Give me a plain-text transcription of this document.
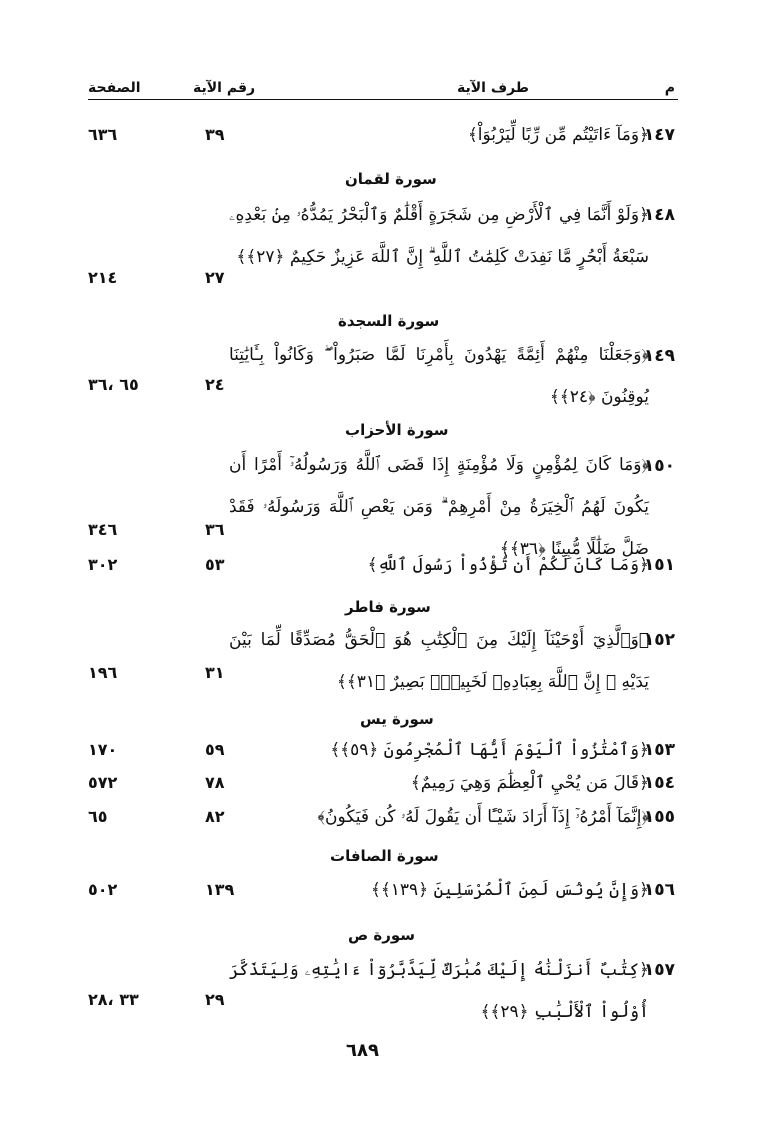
م
طرف الآية
رقم الآية
الصفحة
١٤٧
﴿وَمَآ ءَاتَيْتُم مِّن رِّبًا لِّيَرْبُوَاْ﴾
٣٩
٦٣٦
سورة لقمان
١٤٨
﴿وَلَوْ أَنَّمَا فِي ٱلْأَرْضِ مِن شَجَرَةٍ أَقْلَٰمٌ وَٱلْبَحْرُ يَمُدُّهُۥ مِنۢ بَعْدِهِۦ سَبْعَةُ أَبْحُرٍ مَّا نَفِدَتْ كَلِمَٰتُ ٱللَّهِ ۗ إِنَّ ٱللَّهَ عَزِيزٌ حَكِيمٌ ﴿٢٧﴾﴾
٢٧
٢١٤
سورة السجدة
١٤٩
﴿وَجَعَلْنَا مِنْهُمْ أَئِمَّةً يَهْدُونَ بِأَمْرِنَا لَمَّا صَبَرُواْ ۖ وَكَانُواْ بِـَٔايَٰتِنَا يُوقِنُونَ ﴿٢٤﴾﴾
٢٤
٦٥ ،٣٦
سورة الأحزاب
١٥٠
﴿وَمَا كَانَ لِمُؤْمِنٍ وَلَا مُؤْمِنَةٍ إِذَا قَضَى ٱللَّهُ وَرَسُولُهُۥٓ أَمْرًا أَن يَكُونَ لَهُمُ ٱلْخِيَرَةُ مِنْ أَمْرِهِمْ ۗ وَمَن يَعْصِ ٱللَّهَ وَرَسُولَهُۥ فَقَدْ ضَلَّ ضَلَٰلًا مُّبِينًا ﴿٣٦﴾﴾
٣٦
٣٤٦
١٥١
﴿وَمَا كَانَ لَكُمْ أَن تُؤْذُواْ رَسُولَ ٱللَّهِ﴾
٥٣
٣٠٢
سورة فاطر
١٥٢
﴿وَٱلَّذِيٓ أَوْحَيْنَآ إِلَيْكَ مِنَ ٱلْكِتَٰبِ هُوَ ٱلْحَقُّ مُصَدِّقًا لِّمَا بَيْنَ يَدَيْهِ ۗ إِنَّ ٱللَّهَ بِعِبَادِهِۦ لَخَبِيرٌۢ بَصِيرٌ ﴿٣١﴾﴾
٣١
١٩٦
سورة يس
١٥٣
﴿وَٱمْتَٰزُواْ ٱلْيَوْمَ أَيُّهَا ٱلْمُجْرِمُونَ ﴿٥٩﴾﴾
٥٩
١٧٠
١٥٤
﴿قَالَ مَن يُحْيِ ٱلْعِظَٰمَ وَهِيَ رَمِيمٌ﴾
٧٨
٥٧٢
١٥٥
﴿إِنَّمَآ أَمْرُهُۥٓ إِذَآ أَرَادَ شَيْـًٔا أَن يَقُولَ لَهُۥ كُن فَيَكُونُ﴾
٨٢
٦٥
سورة الصافات
١٥٦
﴿وَإِنَّ يُونُسَ لَمِنَ ٱلْمُرْسَلِينَ ﴿١٣٩﴾﴾
١٣٩
٥٠٢
سورة ص
١٥٧
﴿كِتَٰبٌ أَنزَلْنَٰهُ إِلَيْكَ مُبَٰرَكٌ لِّيَدَّبَّرُوٓاْ ءَايَٰتِهِۦ وَلِيَتَذَكَّرَ أُوْلُواْ ٱلْأَلْبَٰبِ ﴿٢٩﴾﴾
٢٩
٣٣ ،٢٨
٦٨٩
